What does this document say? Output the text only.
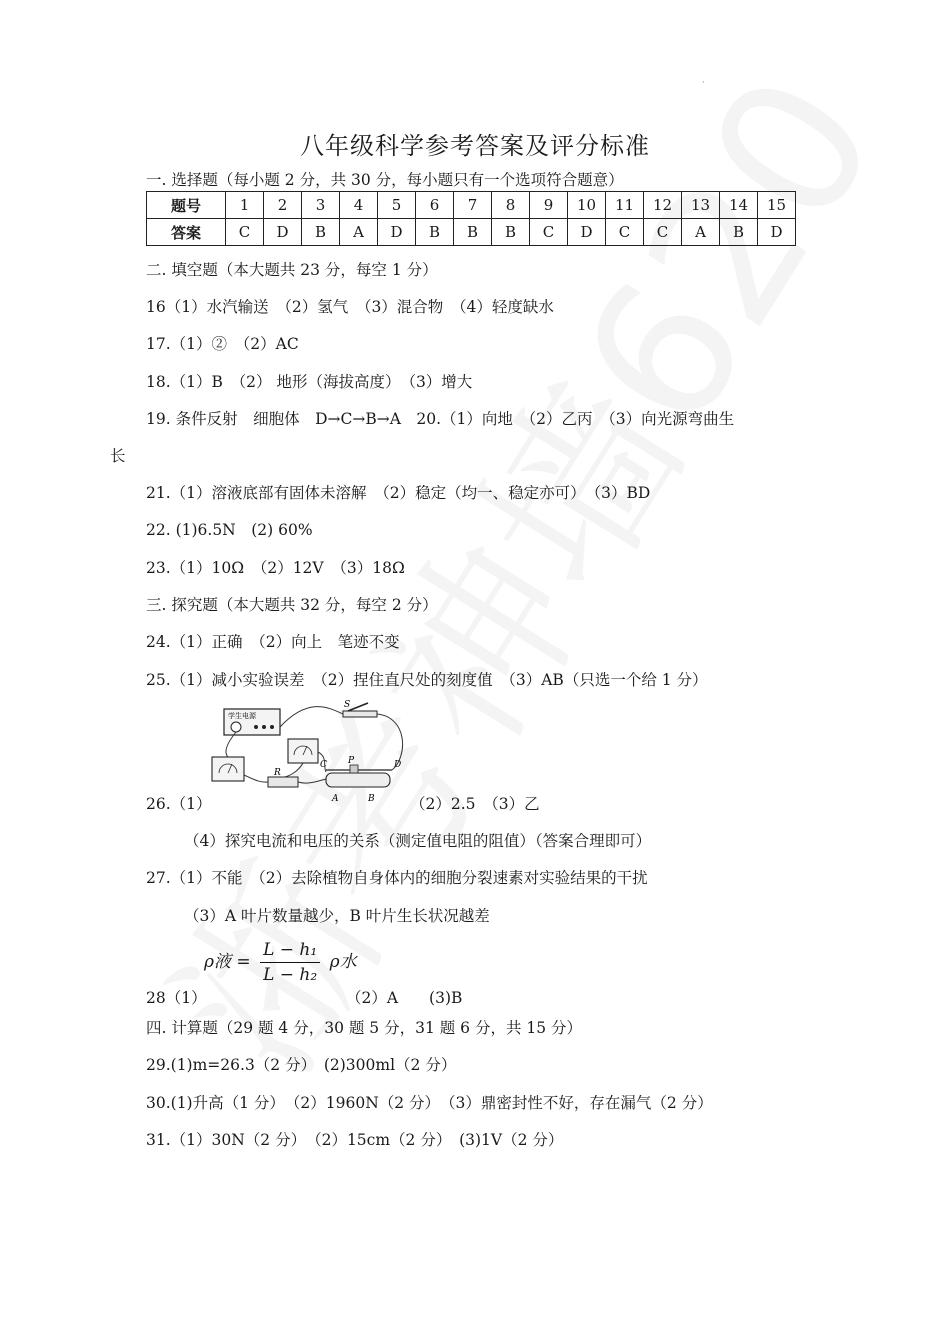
·
八年级科学参考答案及评分标准
一. 选择题（每小题 2 分，共 30 分，每小题只有一个选项符合题意）
题号	1	2	3	4	5	6	7	8	9	10	11	12	13	14	15
答案	C	D	B	A	D	B	B	B	C	D	C	C	A	B	D
二. 填空题（本大题共 23 分，每空 1 分）
16（1）水汽输送　（2）氢气　（3）混合物　（4）轻度缺水
17.（1）②　（2）AC
18.（1）B　（2） 地形（海拔高度）　（3）增大
19. 条件反射　细胞体　D→C→B→A　20.（1）向地　（2）乙丙　（3）向光源弯曲生
长
21.（1）溶液底部有固体未溶解　（2）稳定（均一、稳定亦可）　（3）BD
22. (1)6.5N　(2) 60%
23.（1）10Ω　（2）12V　（3）18Ω
三. 探究题（本大题共 32 分，每空 2 分）
24.（1）正确　（2）向上　笔迹不变
25.（1）减小实验误差　（2）捏住直尺处的刻度值　（3）AB（只选一个给 1 分）
学生电源
S
R
C P	D
A	B
26.（1）	（2）2.5　（3）乙
（4）探究电流和电压的关系（测定值电阻的阻值）（答案合理即可）
27.（1）不能　（2）去除植物自身体内的细胞分裂速素对实验结果的干扰
（3）A 叶片数量越少，B 叶片生长状况越差
ρ液 = $\frac{\text{L − h₁}}{\text{L − h₂}}$ ρ水
28（1）	（2）A　　(3)B
四. 计算题（29 题 4 分，30 题 5 分，31 题 6 分，共 15 分）
29.(1)m=26.3（2 分）　(2)300ml（2 分）
30.(1)升高（1 分）　（2）1960N（2 分）　（3）鼎密封性不好，存在漏气（2 分）
31.（1）30N（2 分）　（2）15cm（2 分）　(3)1V（2 分）
